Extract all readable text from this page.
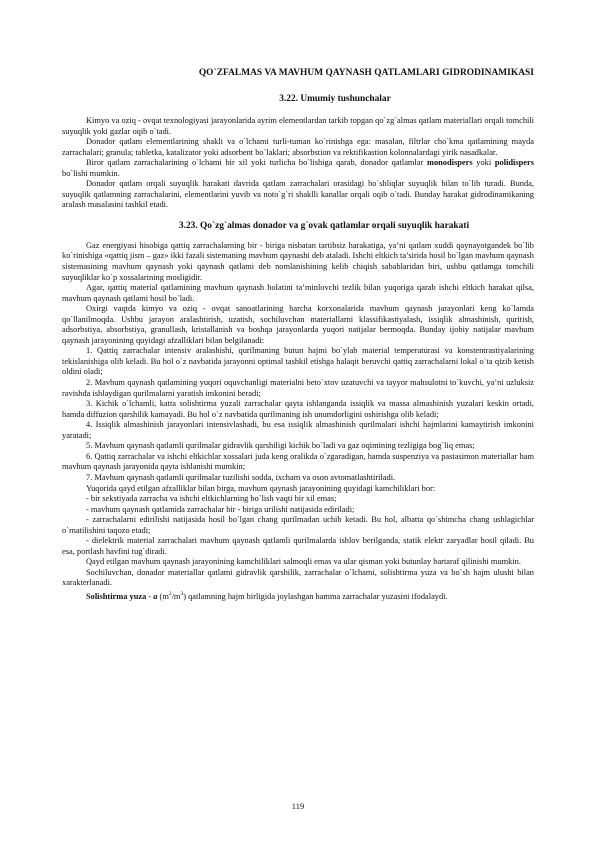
QO`ZFALMAS VA MAVHUM QAYNASH QATLAMLARI GIDRODINAMIKASI
3.22. Umumiy tushunchalar

Kimyo va oziq - ovqat texnologiyasi jarayonlarida ayrim elementlardan tarkib topgan qo`zg`almas qatlam materiallari orqali tomchili suyuqlik yoki gazlar oqib o`tadi.

Donador qatlam elementlarining shakli va o`lchami turli-tuman ko`rinishga ega: masalan, filtrlar cho`kma qatlamining mayda zarrachalari; granula; tabletka, katalizator yoki adsorbent bo`laklari; absorbstion va rektifikastion kolonnalardagi yirik nasadkalar.

Biror qatlam zarrachalarining o`lchami bir xil yoki turlicha bo`lishiga qarab, donador qatlamlar monodispers yoki polidispers bo`lishi mumkin.

Donador qatlam orqali suyuqlik harakati davrida qatlam zarrachalari orasidagi bo`shliqlar suyuqlik bilan to`lib turadi. Bunda, suyuqlik qatlamning zarrachalarini, elementlarini yuvib va noto`g`ri shaklli kanallar orqali oqib o`tadi. Bunday harakat gidrodinamikaning aralash masalasini tashkil etadi.

3.23. Qo`zg`almas donador va g`ovak qatlamlar orqali suyuqlik harakati

Gaz energiyasi hisobiga qattiq zarrachalarning bir - biriga nisbatan tartibsiz harakatiga, ya’ni qatlam xuddi qaynayotgandek bo`lib ko`rinishiga «qattiq jism – gaz» ikki fazali sistemaning mavhum qaynashi deb ataladi. Ishchi eltkich ta’sirida hosil bo`lgan mavhum qaynash sistemasining mavhum qaynash yoki qaynash qatlami deb nomlanishining kelib chiqish sabablaridan biri, ushbu qatlamga tomchili suyuqliklar ko`p xossalarining mosligidir.

Agar, qattiq material qatlamining mavhum qaynash holatini ta’minlovchi tezlik bilan yuqoriga qarab ishchi eltkich harakat qilsa, mavhum qaynash qatlami hosil bo`ladi.

Oxirgi vaqtda kimyo va oziq - ovqat sanoatlarining barcha korxonalarida mavhum qaynash jarayonlari keng ko`lamda qo`llanilmoqda. Ushbu jarayon aralashtirish, uzatish, sochiluvchan materiallarni klassifikastiyalash, issiqlik almashinish, quritish, adsorbstiya, absorbstiya, granullash, kristallanish va boshqa jarayonlarda yuqori natijalar bermoqda. Bunday ijobiy natijalar mavhum qaynash jarayonining quyidagi afzalliklari bilan belgilanadi:

1. Qattiq zarrachalar intensiv aralashishi, qurilmaning butun hajmi bo`ylab material temperaturasi va konstentrastiyalarining tekislanishiga olib keladi. Bu hol o`z navbatida jarayonni optimal tashkil etishga halaqit beruvchi qattiq zarrachalarni lokal o`ta qizib ketish oldini oladi;

2. Mavhum qaynash qatlamining yuqori oquvchanligi materialni beto`xtov uzatuvchi va tayyor mahsulotni to`kuvchi, ya’ni uzluksiz ravishda ishlaydigan qurilmalarni yaratish imkonini beradi;

3. Kichik o`lchamli, katta solishtirma yuzali zarrachalar qayta ishlanganda issiqlik va massa almashinish yuzalari keskin ortadi, hamda diffuzion qarshilik kamayadi. Bu hol o`z navbatida qurilmaning ish unumdorligini oshirishga olib keladi;

4. Issiqlik almashinish jarayonlari intensivlashadi, bu esa issiqlik almashinish qurilmalari ishchi hajmlarini kamaytirish imkonini yaratadi;

5. Mavhum qaynash qatlamli qurilmalar gidravlik qarshiligi kichik bo`ladi va gaz oqimining tezligiga bog`liq emas;

6. Qattiq zarrachalar va ishchi eltkichlar xossalari juda keng oralikda o`zgaradigan, hamda suspenziya va pastasimon materiallar ham mavhum qaynash jarayonida qayta ishlanishi mumkin;

7. Mavhum qaynash qatlamli qurilmalar tuzilishi sodda, ixcham va oson avtomatlashtiriladi.

Yuqorida qayd etilgan afzalliklar bilan birga, mavhum qaynash jarayonining quyidagi kamchiliklari bor:

- bir sekstiyada zarracha va ishchi eltkichlarning bo`lish vaqti bir xil emas;

- mavhum qaynash qatlamida zarrachalar bir - biriga urilishi natijasida ediriladi;

- zarrachalarni edirilishi natijasida hosil bo`lgan chang qurilmadan uchib ketadi. Bu hol, albatta qo`shimcha chang ushlagichlar o`rnatilishini taqozo etadi;

- dielektrik material zarrachalari mavhum qaynash qatlamli qurilmalarda ishlov berilganda, statik elektr zaryadlar hosil qiladi. Bu esa, portlash havfini tug`diradi.

Qayd etilgan mavhum qaynash jarayonining kamchiliklari salmoqli emas va ular qisman yoki butunlay bartaraf qilinishi mumkin.

Sochiluvchan, donador materiallar qatlami gidravlik qarshilik, zarrachalar o`lchami, solishtirma yuza va bo`sh hajm ulushi bilan xarakterlanadi.

Solishtirma yuza - a $(m^2/m^3)$ qatlamning hajm birligida joylashgan hamma zarrachalar yuzasini ifodalaydi.

119
